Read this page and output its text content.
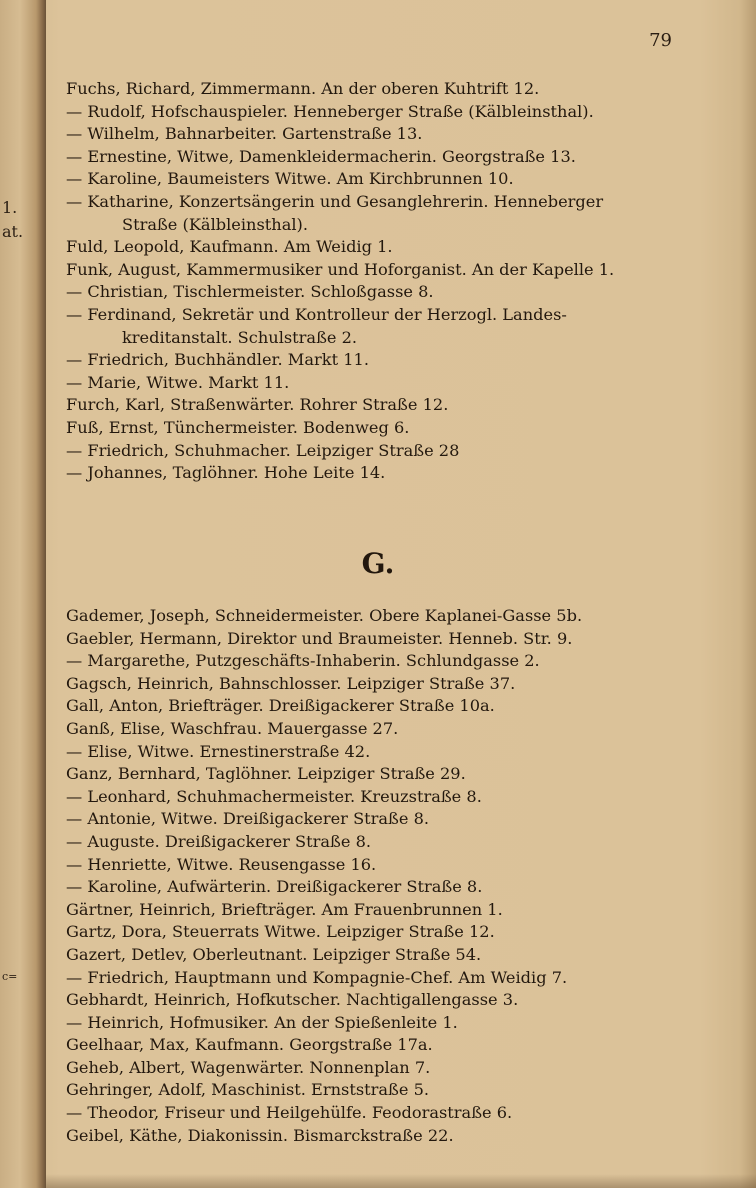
1.
at.
c=
79
Fuchs, Richard, Zimmermann. An der oberen Kuhtrift 12.
— Rudolf, Hofschauspieler. Henneberger Straße (Kälbleinsthal).
— Wilhelm, Bahnarbeiter. Gartenstraße 13.
— Ernestine, Witwe, Damenkleidermacherin. Georgstraße 13.
— Karoline, Baumeisters Witwe. Am Kirchbrunnen 10.
— Katharine, Konzertsängerin und Gesanglehrerin. Henneberger
Straße (Kälbleinsthal).
Fuld, Leopold, Kaufmann. Am Weidig 1.
Funk, August, Kammermusiker und Hoforganist. An der Kapelle 1.
— Christian, Tischlermeister. Schloßgasse 8.
— Ferdinand, Sekretär und Kontrolleur der Herzogl. Landes-
kreditanstalt. Schulstraße 2.
— Friedrich, Buchhändler. Markt 11.
— Marie, Witwe. Markt 11.
Furch, Karl, Straßenwärter. Rohrer Straße 12.
Fuß, Ernst, Tünchermeister. Bodenweg 6.
— Friedrich, Schuhmacher. Leipziger Straße 28
— Johannes, Taglöhner. Hohe Leite 14.
G.
Gademer, Joseph, Schneidermeister. Obere Kaplanei-Gasse 5b.
Gaebler, Hermann, Direktor und Braumeister. Henneb. Str. 9.
— Margarethe, Putzgeschäfts-Inhaberin. Schlundgasse 2.
Gagsch, Heinrich, Bahnschlosser. Leipziger Straße 37.
Gall, Anton, Briefträger. Dreißigackerer Straße 10a.
Ganß, Elise, Waschfrau. Mauergasse 27.
— Elise, Witwe. Ernestinerstraße 42.
Ganz, Bernhard, Taglöhner. Leipziger Straße 29.
— Leonhard, Schuhmachermeister. Kreuzstraße 8.
— Antonie, Witwe. Dreißigackerer Straße 8.
— Auguste. Dreißigackerer Straße 8.
— Henriette, Witwe. Reusengasse 16.
— Karoline, Aufwärterin. Dreißigackerer Straße 8.
Gärtner, Heinrich, Briefträger. Am Frauenbrunnen 1.
Gartz, Dora, Steuerrats Witwe. Leipziger Straße 12.
Gazert, Detlev, Oberleutnant. Leipziger Straße 54.
— Friedrich, Hauptmann und Kompagnie-Chef. Am Weidig 7.
Gebhardt, Heinrich, Hofkutscher. Nachtigallengasse 3.
— Heinrich, Hofmusiker. An der Spießenleite 1.
Geelhaar, Max, Kaufmann. Georgstraße 17a.
Geheb, Albert, Wagenwärter. Nonnenplan 7.
Gehringer, Adolf, Maschinist. Ernststraße 5.
— Theodor, Friseur und Heilgehülfe. Feodorastraße 6.
Geibel, Käthe, Diakonissin. Bismarckstraße 22.
